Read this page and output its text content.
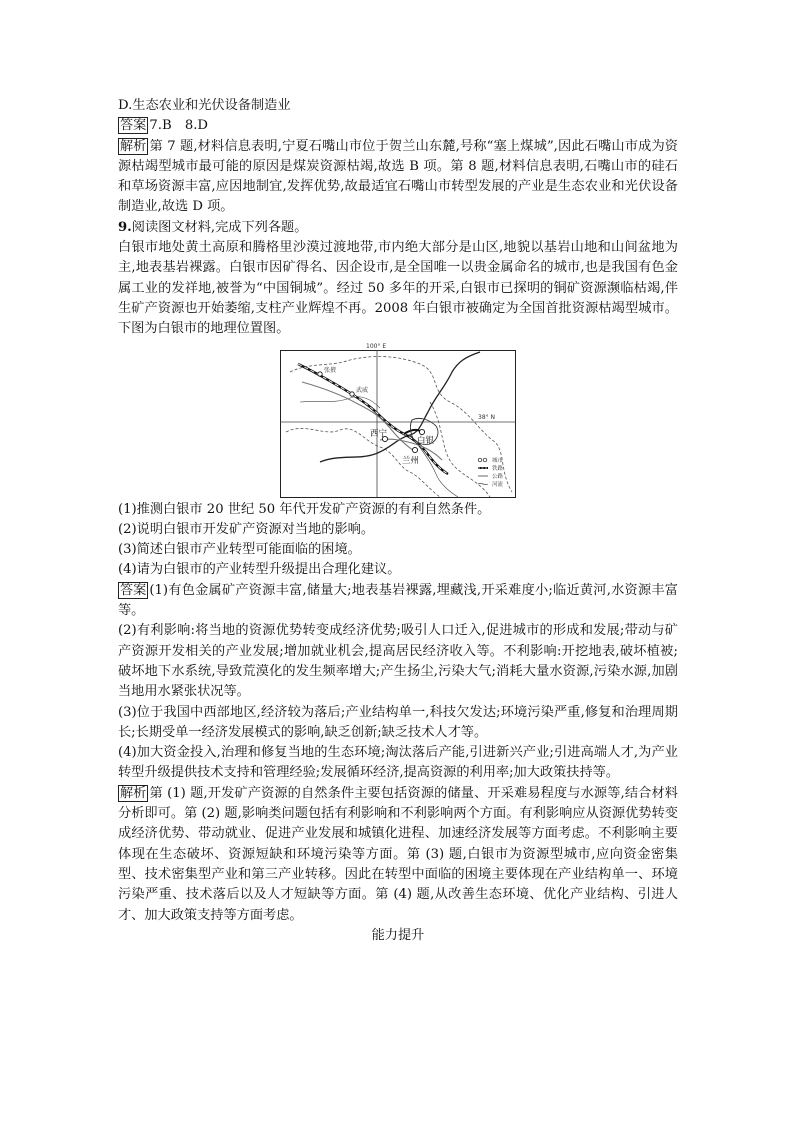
D.生态农业和光伏设备制造业

答案 7.B　8.D

解析 第 7 题,材料信息表明,宁夏石嘴山市位于贺兰山东麓,号称“塞上煤城”,因此石嘴山市成为资源枯竭型城市最可能的原因是煤炭资源枯竭,故选 B 项。第 8 题,材料信息表明,石嘴山市的硅石和草场资源丰富,应因地制宜,发挥优势,故最适宜石嘴山市转型发展的产业是生态农业和光伏设备制造业,故选 D 项。

9.阅读图文材料,完成下列各题。

白银市地处黄土高原和腾格里沙漠过渡地带,市内绝大部分是山区,地貌以基岩山地和山间盆地为主,地表基岩裸露。白银市因矿得名、因企设市,是全国唯一以贵金属命名的城市,也是我国有色金属工业的发祥地,被誉为“中国铜城”。经过 50 多年的开采,白银市已探明的铜矿资源濒临枯竭,伴生矿产资源也开始萎缩,支柱产业辉煌不再。2008 年白银市被确定为全国首批资源枯竭型城市。下图为白银市的地理位置图。

100° E
38° N
张掖
武威
西宁
白银
兰州	城市
铁路
公路
河流

(1)推测白银市 20 世纪 50 年代开发矿产资源的有利自然条件。

(2)说明白银市开发矿产资源对当地的影响。

(3)简述白银市产业转型可能面临的困境。

(4)请为白银市的产业转型升级提出合理化建议。

答案 (1)有色金属矿产资源丰富,储量大;地表基岩裸露,埋藏浅,开采难度小;临近黄河,水资源丰富等。

(2)有利影响:将当地的资源优势转变成经济优势;吸引人口迁入,促进城市的形成和发展;带动与矿产资源开发相关的产业发展;增加就业机会,提高居民经济收入等。不利影响:开挖地表,破坏植被;破坏地下水系统,导致荒漠化的发生频率增大;产生扬尘,污染大气;消耗大量水资源,污染水源,加剧当地用水紧张状况等。

(3)位于我国中西部地区,经济较为落后;产业结构单一,科技欠发达;环境污染严重,修复和治理周期长;长期受单一经济发展模式的影响,缺乏创新;缺乏技术人才等。

(4)加大资金投入,治理和修复当地的生态环境;淘汰落后产能,引进新兴产业;引进高端人才,为产业转型升级提供技术支持和管理经验;发展循环经济,提高资源的利用率;加大政策扶持等。

解析 第 (1) 题,开发矿产资源的自然条件主要包括资源的储量、开采难易程度与水源等,结合材料分析即可。第 (2) 题,影响类问题包括有利影响和不利影响两个方面。有利影响应从资源优势转变成经济优势、带动就业、促进产业发展和城镇化进程、加速经济发展等方面考虑。不利影响主要体现在生态破坏、资源短缺和环境污染等方面。第 (3) 题,白银市为资源型城市,应向资金密集型、技术密集型产业和第三产业转移。因此在转型中面临的困境主要体现在产业结构单一、环境污染严重、技术落后以及人才短缺等方面。第 (4) 题,从改善生态环境、优化产业结构、引进人才、加大政策支持等方面考虑。

能力提升
